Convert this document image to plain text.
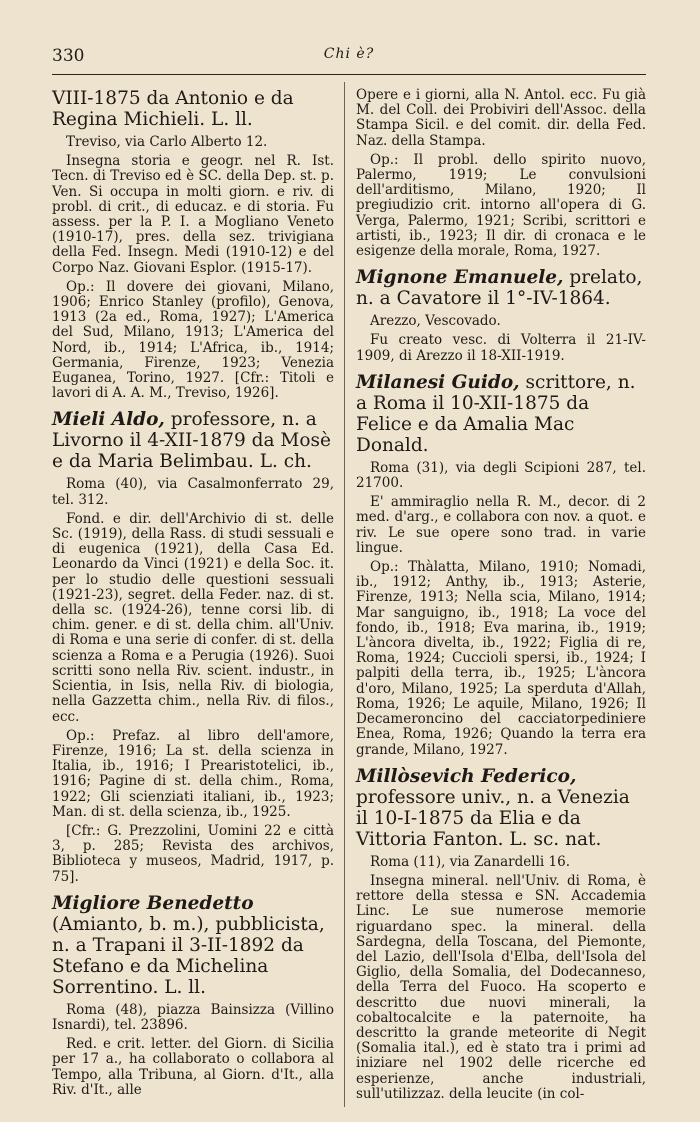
330	Chi è?
VIII-1875 da Antonio e da Regina Michieli. L. ll.
Treviso, via Carlo Alberto 12.
Insegna storia e geogr. nel R. Ist. Tecn. di Treviso ed è SC. della Dep. st. p. Ven. Si occupa in molti giorn. e riv. di probl. di crit., di educaz. e di storia. Fu assess. per la P. I. a Mogliano Veneto (1910-17), pres. della sez. trivigiana della Fed. Insegn. Medi (1910-12) e del Corpo Naz. Giovani Esplor. (1915-17).
Op.: Il dovere dei giovani, Milano, 1906; Enrico Stanley (profilo), Genova, 1913 (2a ed., Roma, 1927); L'America del Sud, Milano, 1913; L'America del Nord, ib., 1914; L'Africa, ib., 1914; Germania, Firenze, 1923; Venezia Euganea, Torino, 1927. [Cfr.: Titoli e lavori di A. A. M., Treviso, 1926].
Mieli Aldo, professore, n. a Livorno il 4-XII-1879 da Mosè e da Maria Belimbau. L. ch.
Roma (40), via Casalmonferrato 29, tel. 312.
Fond. e dir. dell'Archivio di st. delle Sc. (1919), della Rass. di studi sessuali e di eugenica (1921), della Casa Ed. Leonardo da Vinci (1921) e della Soc. it. per lo studio delle questioni sessuali (1921-23), segret. della Feder. naz. di st. della sc. (1924-26), tenne corsi lib. di chim. gener. e di st. della chim. all'Univ. di Roma e una serie di confer. di st. della scienza a Roma e a Perugia (1926). Suoi scritti sono nella Riv. scient. industr., in Scientia, in Isis, nella Riv. di biologia, nella Gazzetta chim., nella Riv. di filos., ecc.
Op.: Prefaz. al libro dell'amore, Firenze, 1916; La st. della scienza in Italia, ib., 1916; I Prearistotelici, ib., 1916; Pagine di st. della chim., Roma, 1922; Gli scienziati italiani, ib., 1923; Man. di st. della scienza, ib., 1925.
[Cfr.: G. Prezzolini, Uomini 22 e città 3, p. 285; Revista des archivos, Biblioteca y museos, Madrid, 1917, p. 75].
Migliore Benedetto (Amianto, b. m.), pubblicista, n. a Trapani il 3-II-1892 da Stefano e da Michelina Sorrentino. L. ll.
Roma (48), piazza Bainsizza (Villino Isnardi), tel. 23896.
Red. e crit. letter. del Giorn. di Sicilia per 17 a., ha collaborato o collabora al Tempo, alla Tribuna, al Giorn. d'It., alla Riv. d'It., alle
Opere e i giorni, alla N. Antol. ecc. Fu già M. del Coll. dei Probiviri dell'Assoc. della Stampa Sicil. e del comit. dir. della Fed. Naz. della Stampa.
Op.: Il probl. dello spirito nuovo, Palermo, 1919; Le convulsioni dell'arditismo, Milano, 1920; Il pregiudizio crit. intorno all'opera di G. Verga, Palermo, 1921; Scribi, scrittori e artisti, ib., 1923; Il dir. di cronaca e le esigenze della morale, Roma, 1927.
Mignone Emanuele, prelato, n. a Cavatore il 1°-IV-1864.
Arezzo, Vescovado.
Fu creato vesc. di Volterra il 21-IV-1909, di Arezzo il 18-XII-1919.
Milanesi Guido, scrittore, n. a Roma il 10-XII-1875 da Felice e da Amalia Mac Donald.
Roma (31), via degli Scipioni 287, tel. 21700.
E' ammiraglio nella R. M., decor. di 2 med. d'arg., e collabora con nov. a quot. e riv. Le sue opere sono trad. in varie lingue.
Op.: Thàlatta, Milano, 1910; Nomadi, ib., 1912; Anthy, ib., 1913; Asterie, Firenze, 1913; Nella scia, Milano, 1914; Mar sanguigno, ib., 1918; La voce del fondo, ib., 1918; Eva marina, ib., 1919; L'àncora divelta, ib., 1922; Figlia di re, Roma, 1924; Cuccioli spersi, ib., 1924; I palpiti della terra, ib., 1925; L'àncora d'oro, Milano, 1925; La sperduta d'Allah, Roma, 1926; Le aquile, Milano, 1926; Il Decameroncino del cacciatorpediniere Enea, Roma, 1926; Quando la terra era grande, Milano, 1927.
Millòsevich Federico, professore univ., n. a Venezia il 10-I-1875 da Elia e da Vittoria Fanton. L. sc. nat.
Roma (11), via Zanardelli 16.
Insegna mineral. nell'Univ. di Roma, è rettore della stessa e SN. Accademia Linc. Le sue numerose memorie riguardano spec. la mineral. della Sardegna, della Toscana, del Piemonte, del Lazio, dell'Isola d'Elba, dell'Isola del Giglio, della Somalia, del Dodecanneso, della Terra del Fuoco. Ha scoperto e descritto due nuovi minerali, la cobaltocalcite e la paternoite, ha descritto la grande meteorite di Negit (Somalia ital.), ed è stato tra i primi ad iniziare nel 1902 delle ricerche ed esperienze, anche industriali, sull'utilizzaz. della leucite (in col-
